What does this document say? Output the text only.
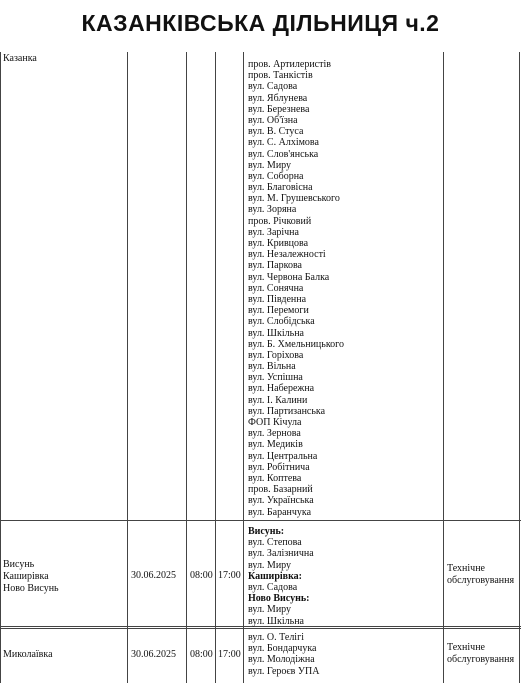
КАЗАНКІВСЬКА ДІЛЬНИЦЯ ч.2
Казанка
пров. Артилеристів
пров. Танкістів
вул. Садова
вул. Яблунева
вул. Березнева
вул. Об'їзна
вул. В. Стуса
вул. С. Алхімова
вул. Слов'янська
вул. Миру
вул. Соборна
вул. Благовісна
вул. М. Грушевського
вул. Зоряна
пров. Річковий
вул. Зарічна
вул. Кривцова
вул. Незалежності
вул. Паркова
вул. Червона Балка
вул. Сонячна
вул. Південна
вул. Перемоги
вул. Слобідська
вул. Шкільна
вул. Б. Хмельницького
вул. Горіхова
вул. Вільна
вул. Успішна
вул. Набережна
вул. І. Калини
вул. Партизанська
ФОП Кічула
вул. Зернова
вул. Медиків
вул. Центральна
вул. Робітнича
вул. Коптева
пров. Базарний
вул. Українська
вул. Баранчука
Висунь
Каширівка
Ново Висунь
30.06.2025 08:00 17:00
Висунь:
вул. Степова
вул. Залізнична
вул. Миру
Каширівка:
вул. Садова
Ново Висунь:
вул. Миру
вул. Шкільна
Технічне
обслуговування
Миколаївка	30.06.2025 08:00 17:00
вул. О. Телігі
вул. Бондарчука
вул. Молодіжна
вул. Героєв УПА
Технічне
обслуговування
